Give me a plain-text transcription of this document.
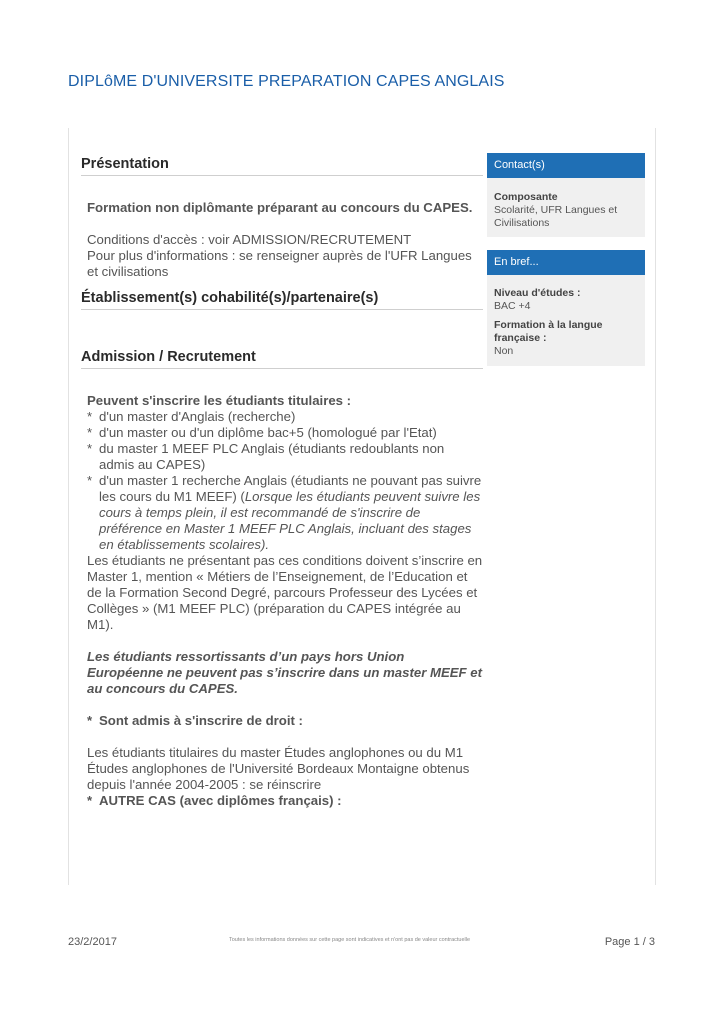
DIPLôME D'UNIVERSITE PREPARATION CAPES ANGLAIS
Présentation
Formation non diplômante préparant au concours du CAPES.
Conditions d'accès : voir ADMISSION/RECRUTEMENT
Pour plus d'informations : se renseigner auprès de l'UFR Langues et civilisations
Établissement(s) cohabilité(s)/partenaire(s)
Admission / Recrutement
Peuvent s'inscrire les étudiants titulaires :
* d'un master d'Anglais (recherche)
* d'un master ou d'un diplôme bac+5 (homologué par l'Etat)
* du master 1 MEEF PLC Anglais (étudiants redoublants non admis au CAPES)
* d'un master 1 recherche Anglais (étudiants ne pouvant pas suivre les cours du M1 MEEF) (Lorsque les étudiants peuvent suivre les cours à temps plein, il est recommandé de s'inscrire de préférence en Master 1 MEEF PLC Anglais, incluant des stages en établissements scolaires).
Les étudiants ne présentant pas ces conditions doivent s’inscrire en Master 1, mention « Métiers de l’Enseignement, de l’Education et de la Formation Second Degré, parcours Professeur des Lycées et Collèges » (M1 MEEF PLC) (préparation du CAPES intégrée au M1).
Les étudiants ressortissants d’un pays hors Union Européenne ne peuvent pas s’inscrire dans un master MEEF et au concours du CAPES.
* Sont admis à s'inscrire de droit :
Les étudiants titulaires du master Études anglophones ou du M1 Études anglophones de l'Université Bordeaux Montaigne obtenus depuis l'année 2004-2005 : se réinscrire
* AUTRE CAS (avec diplômes français) :
Contact(s)
Composante
Scolarité, UFR Langues et Civilisations
En bref...
Niveau d'études :
BAC +4
Formation à la langue française :
Non
23/2/2017	Toutes les informations données sur cette page sont indicatives et n'ont pas de valeur contractuelle	Page 1 / 3
